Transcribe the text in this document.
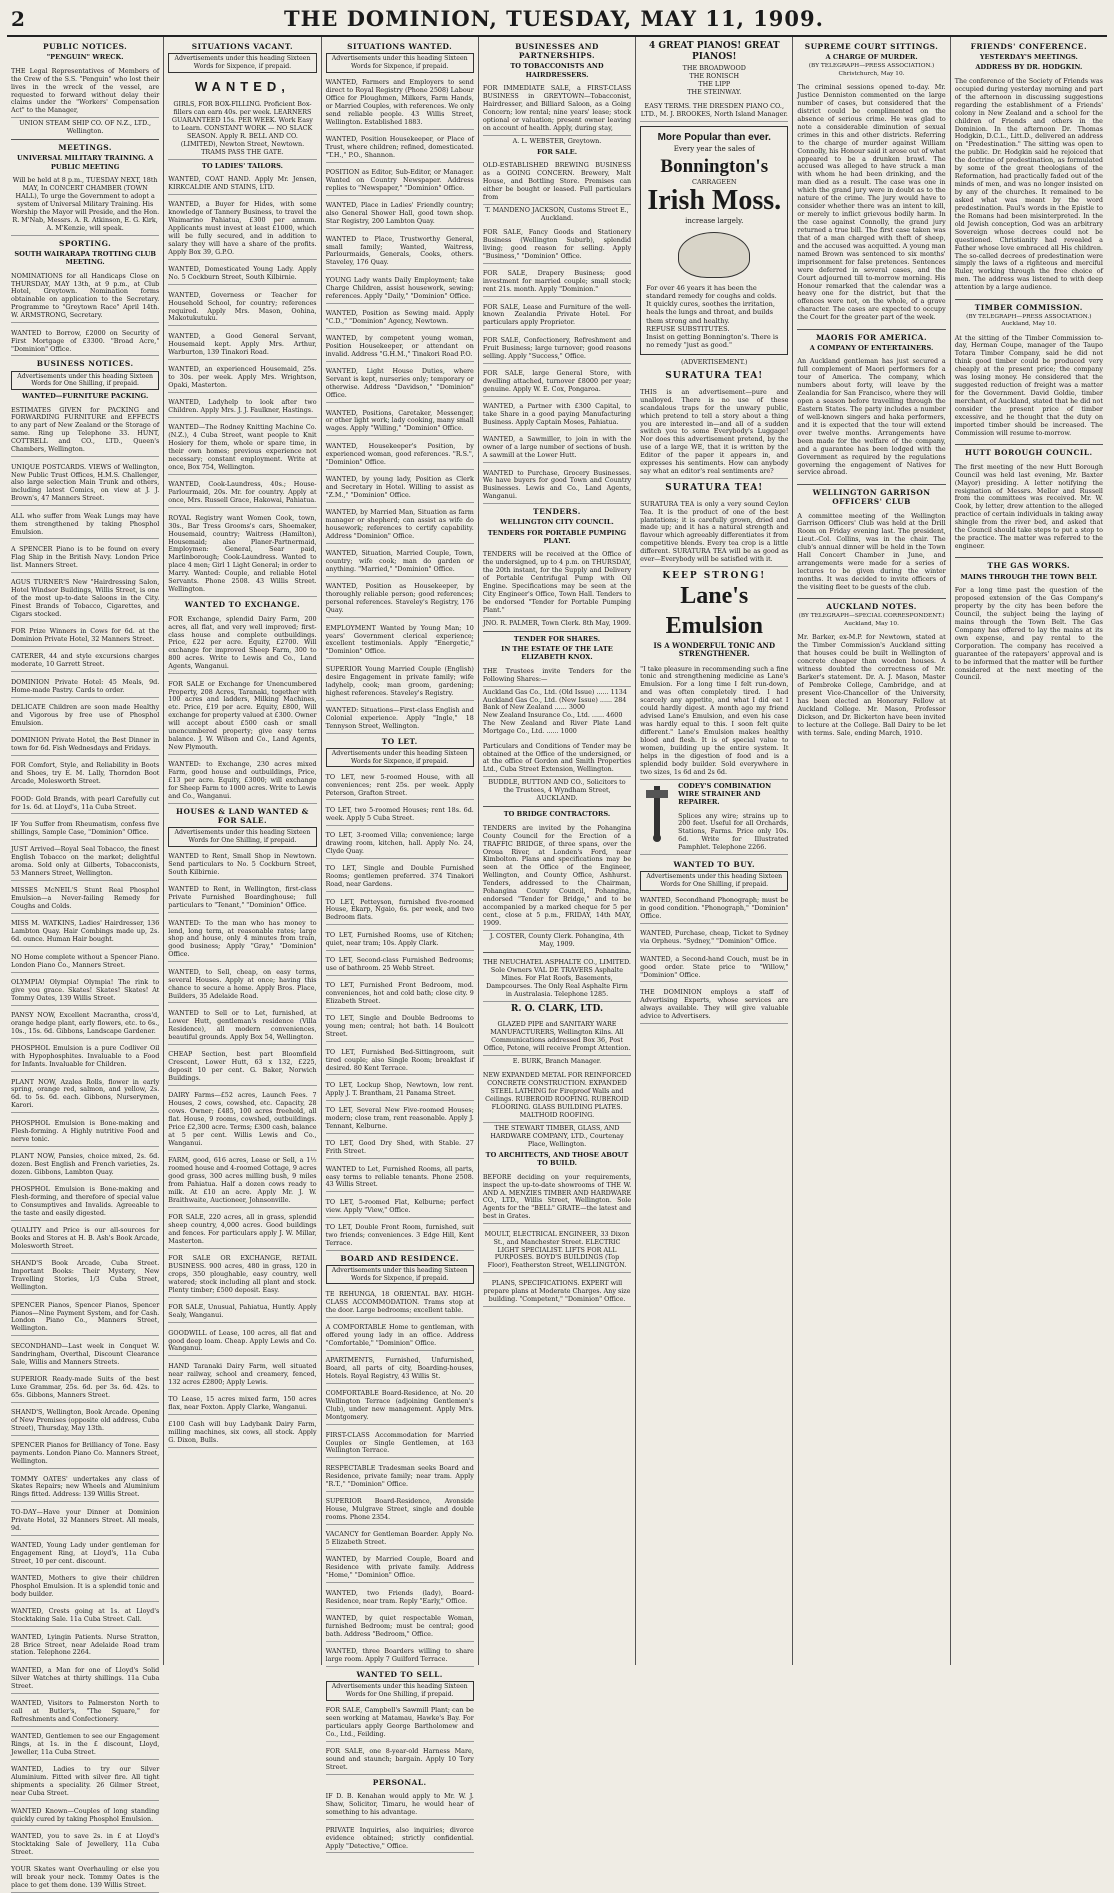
2	THE DOMINION, TUESDAY, MAY 11, 1909.
PUBLIC NOTICES.
"PENGUIN" WRECK.

THE Legal Representatives of Members of the Crew of the S.S. "Penguin" who lost their lives in the wreck of the vessel, are requested to forward without delay their claims under the "Workers' Compensation Act" to the Manager,

UNION STEAM SHIP CO. OF N.Z., LTD., Wellington.
MEETINGS.
UNIVERSAL MILITARY TRAINING. A PUBLIC MEETING

Will be held at 8 p.m., TUESDAY NEXT, 18th MAY, In CONCERT CHAMBER (TOWN HALL), To urge the Government to adopt a system of Universal Military Training. His Worship the Mayor will Preside, and the Hon. R. M'Nab, Messrs. A. R. Atkinson, E. G. Kirk, A. M'Kenzie, will speak.

SPORTING.
SOUTH WAIRARAPA TROTTING CLUB MEETING.

NOMINATIONS for all Handicaps Close on THURSDAY, MAY 13th, at 9 p.m., at Club Hotel, Greytown. Nomination forms obtainable on application to the Secretary. Programme to "Greytown Race" April 14th. W. ARMSTRONG, Secretary.

WANTED to Borrow, £2000 on Security of First Mortgage of £3300. "Broad Acre," "Dominion" Office.

BUSINESS NOTICES.
Advertisements under this heading Sixteen Words for One Shilling, if prepaid.
WANTED—FURNITURE PACKING.

ESTIMATES GIVEN for PACKING and FORWARDING FURNITURE and EFFECTS to any part of New Zealand or the Storage of same. Ring up Telephone 33. HUNT, COTTRELL and CO., LTD., Queen's Chambers, Wellington.

UNIQUE POSTCARDS. VIEWS of Wellington, New Public Trust Offices, H.M.S. Challenger, also large selection Main Trunk and others, including latest Comics, on view at J. J. Brown's, 47 Manners Street.

ALL who suffer from Weak Lungs may have them strengthened by taking Phosphol Emulsion.

A SPENCER Piano is to be found on every Flag Ship in the British Navy. London Price list. Manners Street.

AGUS TURNER'S New "Hairdressing Salon, Hotel Windsor Buildings, Willis Street, is one of the most up-to-date Saloons in the City. Finest Brands of Tobacco, Cigarettes, and Cigars stocked.

FOR Prize Winners in Cows for 6d. at the Dominion Private Hotel, 32 Manners Street.

CATERER, 44 and style excursions charges moderate, 10 Garrett Street.

DOMINION Private Hotel: 45 Meals, 9d. Home-made Pastry. Cards to order.

DELICATE Children are soon made Healthy and Vigorous by free use of Phosphol Emulsion.

DOMINION Private Hotel, the Best Dinner in town for 6d. Fish Wednesdays and Fridays.

FOR Comfort, Style, and Reliability in Boots and Shoes, try E. M. Lally, Thorndon Boot Arcade, Molesworth Street.

FOOD: Gold Brands, with pearl Carefully cut for 1s. 6d. at Lloyd's, 11a Cuba Street.

IF You Suffer from Rheumatism, confess five shillings, Sample Case, "Dominion" Office.

JUST Arrived—Royal Seal Tobacco, the finest English Tobacco on the market; delightful aroma. Sold only at Gilberts, Tobacconists, 53 Manners Street, Wellington.

MISSES McNEIL'S Stunt Real Phosphol Emulsion—a Never-failing Remedy for Coughs and Colds.

MISS M. WATKINS, Ladies' Hairdresser, 136 Lambton Quay. Hair Combings made up, 2s. 6d. ounce. Human Hair bought.

NO Home complete without a Spencer Piano. London Piano Co., Manners Street.

OLYMPIA! Olympia! Olympia! The rink to give you grace. Skates! Skates! Skates! At Tommy Oates, 139 Willis Street.

PANSY NOW, Excellent Macrantha, cross'd, orange hedge plant, early flowers, etc. to 6s., 10s., 15s. 6d. Gibbons, Landscape Gardener.

PHOSPHOL Emulsion is a pure Codliver Oil with Hypophosphites. Invaluable to a Food for Infants. Invaluable for Children.

PLANT NOW, Azalea Rolls, flower in early spring, orange red, salmon, and yellow, 2s. 6d. to 5s. 6d. each. Gibbons, Nurserymen, Karori.

PHOSPHOL Emulsion is Bone-making and Flesh-forming. A Highly nutritive Food and nerve tonic.

PLANT NOW, Pansies, choice mixed, 2s. 6d. dozen. Best English and French varieties, 2s. dozen. Gibbons, Lambton Quay.

PHOSPHOL Emulsion is Bone-making and Flesh-forming, and therefore of special value to Consumptives and Invalids. Agreeable to the taste and easily digested.

QUALITY and Price is our all-sources for Books and Stores at H. B. Ash's Book Arcade, Molesworth Street.

SHAND'S Book Arcade, Cuba Street. Important Books: Their Mystery, New Travelling Stories, 1/3 Cuba Street, Wellington.

SPENCER Pianos, Spencer Pianos, Spencer Pianos—Nine Payment System, and for Cash. London Piano Co., Manners Street, Wellington.

SECONDHAND—Last week in Conquet W. Sandringham, Overthal, Discount Clearance Sale, Willis and Manners Streets.

SUPERIOR Ready-made Suits of the best Luxe Grammar, 25s. 6d. per 3s. 6d. 42s. to 65s. Gibbons, Manners Street.

SHAND'S, Wellington, Book Arcade. Opening of New Premises (opposite old address, Cuba Street), Thursday, May 13th.

SPENCER Pianos for Brilliancy of Tone. Easy payments. London Piano Co. Manners Street, Wellington.

TOMMY OATES' undertakes any class of Skates Repairs; new Wheels and Aluminium Rings fitted. Address: 139 Willis Street.

TO-DAY—Have your Dinner at Dominion Private Hotel, 32 Manners Street. All meals, 9d.

WANTED, Young Lady under gentleman for Engagement Ring, at Lloyd's, 11a Cuba Street, 10 per cent. discount.

WANTED, Mothers to give their children Phosphol Emulsion. It is a splendid tonic and body builder.

WANTED, Crests going at 1s. at Lloyd's Stocktaking Sale. 11a Cuba Street. Call.

WANTED, Lyingin Patients. Nurse Stratton, 28 Brice Street, near Adelaide Road tram station. Telephone 2264.

WANTED, a Man for one of Lloyd's Solid Silver Watches at thirty shillings. 11a Cuba Street.

WANTED, Visitors to Palmerston North to call at Butler's, "The Square," for Refreshments and Confectionery.

WANTED, Gentlemen to see our Engagement Rings, at 1s. in the £ discount, Lloyd, Jeweller, 11a Cuba Street.

WANTED, Ladies to try our Silver Aluminium. Fitted with silver fire. All tight shipments a speciality. 26 Gilmer Street, near Cuba Street.

WANTED Known—Couples of long standing quickly cured by taking Phosphol Emulsion.

WANTED, you to save 2s. in £ at Lloyd's Stocktaking Sale of Jewellery, 11a Cuba Street.

YOUR Skates want Overhauling or else you will break your neck. Tommy Oates is the place to get them done. 139 Willis Street.

SITUATIONS VACANT.
Advertisements under this heading Sixteen Words for Sixpence, if prepaid.
WANTED,

GIRLS, FOR BOX-FILLING. Proficient Box-fillers can earn 40s. per week. LEARNERS GUARANTEED 15s. PER WEEK. Work Easy to Learn. CONSTANT WORK — NO SLACK SEASON. Apply R. BELL AND CO. (LIMITED), Newton Street, Newtown. TRAMS PASS THE GATE.

TO LADIES' TAILORS.

WANTED, COAT HAND. Apply Mr. Jensen, KIRKCALDIE AND STAINS, LTD.

WANTED, a Buyer for Hides, with some knowledge of Tannery Business, to travel the Waimarino Pahiatua, £300 per annum. Applicants must invest at least £1000, which will be fully secured, and in addition to salary they will have a share of the profits. Apply Box 39, G.P.O.

WANTED, Domesticated Young Lady. Apply No. 5 Cockburn Street, South Kilbirnie.

WANTED, Governess or Teacher for Household School, for country; references required. Apply Mrs. Mason, Oohina, Makotukutuku.

WANTED, a Good General Servant, Housemaid kept. Apply Mrs. Arthur, Warburton, 139 Tinakori Road.

WANTED, an experienced Housemaid, 25s. to 30s. per week. Apply Mrs. Wrightson, Opaki, Masterton.

WANTED, Ladyhelp to look after two Children. Apply Mrs. J. J. Faulkner, Hastings.

WANTED—The Rodney Knitting Machine Co. (N.Z.), 4 Cuba Street, want people to Knit Hosiery for them, whole or spare time, in their own homes; previous experience not necessary; constant employment. Write at once, Box 754, Wellington.

WANTED, Cook-Laundress, 40s.; House-Parlourmaid, 20s. Mr. for country. Apply at once, Mrs. Russell Grace, Hakowai, Pahiatua.

ROYAL Registry want Women Cook, town, 30s., Bar Tress Grooms's cars, Shoemaker, Housemaid, country; Waitress (Hamilton), Housemaid; also Planer-Partnermaid, Employmen: General, Sear paid, Marlinborough; Cook-Laundress. Wanted to place 4 men; Girl 1 Light General; in order to Marry. Wanted: Couple, and reliable Hotel Servants. Phone 2508. 43 Willis Street. Wellington.

WANTED TO EXCHANGE.

FOR Exchange, splendid Dairy Farm, 200 acres, all flat, and very well improved; first-class house and complete outbuildings. Price, £22 per acre. Equity, £2700. Will exchange for improved Sheep Farm, 300 to 800 acres. Write to Lewis and Co., Land Agents, Wanganui.

FOR SALE or Exchange for Unencumbered Property, 208 Acres, Taranaki, together with 100 acres and ladders, Milking Machines, etc. Price, £19 per acre. Equity, £800, Will exchange for property valued at £300. Owner will accept about £500 cash or small unencumbered property; give easy terms balance. J. W. Wilson and Co., Land Agents, New Plymouth.

WANTED: to Exchange, 230 acres mixed Farm, good house and outbuildings, Price, £13 per acre. Equity, £3000; will exchange for Sheep Farm to 1000 acres. Write to Lewis and Co., Wanganui.

HOUSES & LAND WANTED & FOR SALE.
Advertisements under this heading Sixteen Words for One Shilling, if prepaid.

WANTED to Rent, Small Shop in Newtown. Send particulars to No. 5 Cockburn Street, South Kilbirnie.

WANTED to Rent, in Wellington, first-class Private Furnished Boardinghouse; full particulars to "Tenant," "Dominion" Office.

WANTED: To the man who has money to lend, long term, at reasonable rates; large shop and house, only 4 minutes from train, good business; Apply "Gray," "Dominion" Office.

WANTED, to Sell, cheap, on easy terms, several Houses. Apply at once; having this chance to secure a home. Apply Bros. Place, Builders, 35 Adelaide Road.

WANTED to Sell or to Let, furnished, at Lower Hutt, gentleman's residence (Villa Residence), all modern conveniences, beautiful grounds. Apply Box 54, Wellington.

CHEAP Section, best part Bloomfield Crescent, Lower Hutt, 63 x 132, £225, deposit 10 per cent. G. Baker, Norwich Buildings.

DAIRY Farms—£52 acres, Launch Fees. 7 Houses, 2 cows, cowshed, etc. Capacity, 28 cows. Owner; £485, 100 acres freehold, all flat. House, 9 rooms, cowshed, outbuildings. Price £2,300 acre. Terms; £300 cash, balance at 5 per cent. Willis Lewis and Co., Wanganui.

FARM, good, 616 acres, Lease or Sell, a 1½ roomed house and 4-roomed Cottage, 9 acres good grass, 300 acres milling bush, 9 miles from Pahiatua. Half a dozen cows ready to milk. At £10 an acre. Apply Mr. J. W. Braithwaite, Auctioneer, Johnsonville.

FOR SALE, 220 acres, all in grass, splendid sheep country, 4,000 acres. Good buildings and fences. For particulars apply J. W. Millar, Masterton.

FOR SALE OR EXCHANGE, RETAIL BUSINESS. 900 acres, 480 in grass, 120 in crops, 350 ploughable, easy country, well watered; stock including all plant and stock. Plenty timber; £500 deposit. Easy.

FOR SALE, Unusual, Pahiatua, Huntly. Apply Sealy, Wanganui.

GOODWILL of Lease, 100 acres, all flat and good deep loam. Cheap. Apply Lewis and Co. Wanganui.

HAND Taranaki Dairy Farm, well situated near railway, school and creamery, fenced, 132 acres £2800; Apply Lewis.

TO Lease, 15 acres mixed farm, 150 acres flax, near Foxton. Apply Clarke, Wanganui.

£100 Cash will buy Ladybank Dairy Farm, milling machines, six cows, all stock. Apply G. Dixon, Bulls.

SITUATIONS WANTED.
Advertisements under this heading Sixteen Words for Sixpence, if prepaid.

WANTED, Farmers and Employers to send direct to Royal Registry (Phone 2508) Labour Office for Ploughmen, Milkers, Farm Hands, or Married Couples, with references. We only send reliable people. 43 Willis Street, Wellington. Established 1883.

WANTED, Position Housekeeper, or Place of Trust, where children; refined, domesticated. "T.H.," P.O., Shannon.

POSITION as Editor, Sub-Editor, or Manager. Wanted on Country Newspaper. Address replies to "Newspaper," "Dominion" Office.

WANTED, Place in Ladies' Friendly country; also General Shower Hall, good town shop. Star Registry, 200 Lambton Quay.

WANTED to Place, Trustworthy General, small family; Wanted, Waitress, Parlourmaids, Generals, Cooks, others. Staveley, 176 Quay.

YOUNG Lady wants Daily Employment; take Charge Children, assist housework, sewing; references. Apply "Daily," "Dominion" Office.

WANTED, Position as Sewing maid. Apply "C.D.," "Dominion" Agency, Newtown.

WANTED, by competent young woman, Position Housekeeper, or attendant on invalid. Address "G.H.M.," Tinakori Road P.O.

WANTED, Light House Duties, where Servant is kept, nurseries only; temporary or otherwise. Address "Davidson," "Dominion" Office.

WANTED, Positions, Caretaker, Messenger, or other light work; lady cooking, many small wages. Apply "Willing," "Dominion" Office.

WANTED, Housekeeper's Position, by experienced woman, good references. "R.S.", "Dominion" Office.

WANTED, by young lady, Position as Clerk and Secretary in Hotel. Willing to assist as "Z.M.," "Dominion" Office.

WANTED, by Married Man, Situation as farm manager or shepherd; can assist as wife do housework; references to certify capability. Address "Dominion" Office.

WANTED, Situation, Married Couple, Town, country; wife cook; man do garden or anything. "Married," "Dominion" Office.

WANTED, Position as Housekeeper, by thoroughly reliable person; good references; personal references. Staveley's Registry, 176 Quay.

EMPLOYMENT Wanted by Young Man; 10 years' Government clerical experience; excellent testimonials. Apply "Energetic," "Dominion" Office.

SUPERIOR Young Married Couple (English) desire Engagement in private family; wife ladyhelp, cook; man groom, gardening; highest references. Staveley's Registry.

WANTED: Situations—First-class English and Colonial experience. Apply "Ingle," 18 Tennyson Street, Wellington.

TO LET.
Advertisements under this heading Sixteen Words for Sixpence, if prepaid.

TO LET, new 5-roomed House, with all conveniences; rent 25s. per week. Apply Peterson, Grafton Street.

TO LET, two 5-roomed Houses; rent 18s. 6d. week. Apply 5 Cuba Street.

TO LET, 3-roomed Villa; convenience; large drawing room, kitchen, hall. Apply No. 24, Clyde Quay.

TO LET, Single and Double Furnished Rooms; gentlemen preferred. 374 Tinakori Road, near Gardens.

TO LET, Petteyson, furnished five-roomed House, Ekarp, Ngaio, 6s. per week, and two Bedroom flats.

TO LET, Furnished Rooms, use of Kitchen; quiet, near tram; 10s. Apply Clark.

TO LET, Second-class Furnished Bedrooms; use of bathroom. 25 Webb Street.

TO LET, Furnished Front Bedroom, mod. conveniences, hot and cold bath; close city. 9 Elizabeth Street.

TO LET, Single and Double Bedrooms to young men; central; hot bath. 14 Boulcott Street.

TO LET, Furnished Bed-Sittingroom, suit tired couple; also Single Room; breakfast if desired. 80 Kent Terrace.

TO LET, Lockup Shop, Newtown, low rent. Apply J. T. Brantham, 21 Panama Street.

TO LET, Several New Five-roomed Houses; modern; close tram, rent reasonable. Apply J. Tennant, Kelburne.

TO LET, Good Dry Shed, with Stable. 27 Frith Street.

WANTED to Let, Furnished Rooms, all parts, easy terms to reliable tenants. Phone 2508. 43 Willis Street.

TO LET, 5-roomed Flat, Kelburne; perfect view. Apply "View," Office.

TO LET, Double Front Room, furnished, suit two friends; conveniences. 3 Edge Hill, Kent Terrace.

BOARD AND RESIDENCE.
Advertisements under this heading Sixteen Words for Sixpence, if prepaid.

TE REHUNGA, 18 ORIENTAL BAY. HIGH-CLASS ACCOMMODATION. Trams stop at the door. Large bedrooms; excellent table.

A COMFORTABLE Home to gentleman, with offered young lady in an office. Address "Comfortable," "Dominion" Office.

APARTMENTS, Furnished, Unfurnished, Board, all parts of city, Boarding-houses, Hotels. Royal Registry, 43 Willis St.

COMFORTABLE Board-Residence, at No. 20 Wellington Terrace (adjoining Gentlemen's Club), under new management. Apply Mrs. Montgomery.

FIRST-CLASS Accommodation for Married Couples or Single Gentlemen, at 163 Wellington Terrace.

RESPECTABLE Tradesman seeks Board and Residence, private family; near tram. Apply "R.T.," "Dominion" Office.

SUPERIOR Board-Residence, Avonside House, Mulgrave Street, single and double rooms. Phone 2354.

VACANCY for Gentleman Boarder. Apply No. 5 Elizabeth Street.

WANTED, by Married Couple, Board and Residence with private family. Address "Home," "Dominion" Office.

WANTED, two Friends (lady), Board-Residence, near tram. Reply "Early," Office.

WANTED, by quiet respectable Woman, furnished Bedroom; must be central; good bath. Address "Bedroom," Office.

WANTED, three Boarders willing to share large room. Apply 7 Guilford Terrace.

WANTED TO SELL.
Advertisements under this heading Sixteen Words for One Shilling, if prepaid.

FOR SALE, Campbell's Sawmill Plant; can be seen working at Matamau, Hawke's Bay. For particulars apply George Bartholomew and Co., Ltd., Feilding.

FOR SALE, one 8-year-old Harness Mare, sound and staunch; bargain. Apply 10 Tory Street.

PERSONAL.

IF D. B. Kenahan would apply to Mr. W. J. Shaw, Solicitor, Timaru, he would hear of something to his advantage.

PRIVATE Inquiries, also inquiries; divorce evidence obtained; strictly confidential. Apply "Detective," Office.

BUSINESSES AND PARTNERSHIPS.
TO TOBACCONISTS AND HAIRDRESSERS.

FOR IMMEDIATE SALE, a FIRST-CLASS BUSINESS in GREYTOWN—Tobacconist, Hairdresser, and Billiard Saloon, as a Going Concern; low rental; nine years' lease; stock optional or valuation; present owner leaving on account of health. Apply, during stay,

A. L. WEBSTER, Greytown.
FOR SALE.

OLD-ESTABLISHED BREWING BUSINESS as a GOING CONCERN. Brewery, Malt House, and Bottling Store. Premises can either be bought or leased. Full particulars from

T. MANDENO JACKSON, Customs Street E., Auckland.

FOR SALE, Fancy Goods and Stationery Business (Wellington Suburb), splendid living; good reason for selling. Apply "Business," "Dominion" Office.

FOR SALE, Drapery Business; good investment for married couple; small stock; rent 21s. month. Apply "Dominion."

FOR SALE, Lease and Furniture of the well-known Zealandia Private Hotel. For particulars apply Proprietor.

FOR SALE, Confectionery, Refreshment and Fruit Business; large turnover; good reasons selling. Apply "Success," Office.

FOR SALE, large General Store, with dwelling attached, turnover £8000 per year; genuine. Apply W. E. Cox, Pongaroa.

WANTED, a Partner with £300 Capital, to take Share in a good paying Manufacturing Business. Apply Captain Moses, Pahiatua.

WANTED, a Sawmiller, to join in with the owner of a large number of sections of bush. A sawmill at the Lower Hutt.

WANTED to Purchase, Grocery Businesses. We have buyers for good Town and Country Businesses. Lewis and Co., Land Agents, Wanganui.

TENDERS.
WELLINGTON CITY COUNCIL.
TENDERS FOR PORTABLE PUMPING PLANT.

TENDERS will be received at the Office of the undersigned, up to 4 p.m. on THURSDAY, the 20th instant, for the Supply and Delivery of Portable Centrifugal Pump with Oil Engine. Specifications may be seen at the City Engineer's Office, Town Hall. Tenders to be endorsed "Tender for Portable Pumping Plant."

JNO. R. PALMER, Town Clerk. 8th May, 1909.
TENDER FOR SHARES.
IN THE ESTATE OF THE LATE ELIZABETH KNOX.

THE Trustees invite Tenders for the Following Shares:—

Auckland Gas Co., Ltd. (Old Issue) ...... 1134
Auckland Gas Co., Ltd. (New Issue) ...... 284
Bank of New Zealand ...... 3000
New Zealand Insurance Co., Ltd. ...... 4600
The New Zealand and River Plate Land Mortgage Co., Ltd. ...... 1000

Particulars and Conditions of Tender may be obtained at the Office of the undersigned, or at the office of Gordon and Smith Properties Ltd., Cuba Street Extension, Wellington.

BUDDLE, BUTTON AND CO., Solicitors to the Trustees, 4 Wyndham Street, AUCKLAND.
TO BRIDGE CONTRACTORS.

TENDERS are invited by the Pohangina County Council for the Erection of a TRAFFIC BRIDGE, of three spans, over the Oroua River, at Londen's Ford, near Kimbolton. Plans and specifications may be seen at the Office of the Engineer, Wellington, and County Office, Ashhurst. Tenders, addressed to the Chairman, Pohangina County Council, Pohangina, endorsed "Tender for Bridge," and to be accompanied by a marked cheque for 5 per cent., close at 5 p.m., FRIDAY, 14th MAY, 1909.

J. COSTER, County Clerk. Pohangina, 4th May, 1909.

THE NEUCHATEL ASPHALTE CO., LIMITED. Sole Owners VAL DE TRAVERS Asphalte Mines. For Flat Roofs, Basements, Dampcourses. The Only Real Asphalte Firm in Australasia. Telephone 1285.

R. O. CLARK, LTD.

GLAZED PIPE and SANITARY WARE MANUFACTURERS, Wellington Kilns. All Communications addressed Box 36, Post Office, Petone, will receive Prompt Attention.

E. BURK, Branch Manager.

NEW EXPANDED METAL FOR REINFORCED CONCRETE CONSTRUCTION. EXPANDED STEEL LATHING for Fireproof Walls and Ceilings. RUBEROID ROOFING. RUBEROID FLOORING. GLASS BUILDING PLATES. MALTHOID ROOFING.

THE STEWART TIMBER, GLASS, AND HARDWARE COMPANY, LTD., Courtenay Place, Wellington.
TO ARCHITECTS, AND THOSE ABOUT TO BUILD.

BEFORE deciding on your requirements, inspect the up-to-date showrooms of THE W. AND A. MENZIES TIMBER AND HARDWARE CO., LTD., Willis Street, Wellington. Sole Agents for the "BELL" GRATE—the latest and best in Grates.

MOULT, ELECTRICAL ENGINEER, 33 Dixon St., and Manchester Street. ELECTRIC LIGHT SPECIALIST. LIFTS FOR ALL PURPOSES. BOYD'S BUILDINGS (Top Floor), Featherston Street, WELLINGTON.

PLANS, SPECIFICATIONS. EXPERT will prepare plans at Moderate Charges. Any size building. "Competent," "Dominion" Office.

4 GREAT PIANOS! GREAT PIANOS!
THE BROADWOOD
THE RONISCH
THE LIPP
THE STEINWAY.

EASY TERMS. THE DRESDEN PIANO CO., LTD., M. J. BROOKES, North Island Manager.

More Popular than ever.
Every year the sales of
Bonnington's
CARRAGEEN
Irish Moss.
increase largely.
For over 46 years it has been the standard remedy for coughs and colds. It quickly cures, soothes the irritation, heals the lungs and throat, and builds them strong and healthy.
REFUSE SUBSTITUTES.
Insist on getting Bonnington's. There is no remedy "just as good."
(ADVERTISEMENT.)
SURATURA TEA!

THIS is an advertisement—pure and unalloyed. There is no use of these scandalous traps for the unwary public, which pretend to tell a story about a thing you are interested in—and all of a sudden switch you to some Everybody's Luggage! Nor does this advertisement pretend, by the use of a large WE, that it is written by the Editor of the paper it appears in, and expresses his sentiments. How can anybody say what an editor's real sentiments are?

SURATURA TEA!

SURATURA TEA is only a very sound Ceylon Tea. It is the product of one of the best plantations; it is carefully grown, dried and made up; and it has a natural strength and flavour which agreeably differentiates it from competitive blends. Every tea crop is a little different. SURATURA TEA will be as good as ever—Everybody will be satisfied with it.

KEEP STRONG!
Lane's Emulsion
IS A WONDERFUL TONIC AND STRENGTHENER.

"I take pleasure in recommending such a fine tonic and strengthening medicine as Lane's Emulsion. For a long time I felt run-down, and was often completely tired. I had scarcely any appetite, and what I did eat I could hardly digest. A month ago my friend advised Lane's Emulsion, and even his case was hardly equal to this. I soon felt quite different." Lane's Emulsion makes healthy blood and flesh. It is of special value to women, building up the entire system. It helps in the digestion of food and is a splendid body builder. Sold everywhere in two sizes, 1s 6d and 2s 6d.

CODEY'S COMBINATION WIRE STRAINER AND REPAIRER.

Splices any wire; strains up to 200 feet. Useful for all Orchards, Stations, Farms. Price only 10s. 6d. Write for Illustrated Pamphlet. Telephone 2266.

WANTED TO BUY.
Advertisements under this heading Sixteen Words for One Shilling, if prepaid.

WANTED, Secondhand Phonograph; must be in good condition. "Phonograph," "Dominion" Office.

WANTED, Purchase, cheap, Ticket to Sydney via Orpheus. "Sydney," "Dominion" Office.

WANTED, a Second-hand Couch, must be in good order. State price to "Willow," "Dominion" Office.

THE DOMINION employs a staff of Advertising Experts, whose services are always available. They will give valuable advice to Advertisers.

SUPREME COURT SITTINGS.
A CHARGE OF MURDER.
(BY TELEGRAPH—PRESS ASSOCIATION.) Christchurch, May 10.

The criminal sessions opened to-day. Mr. Justice Denniston commented on the large number of cases, but considered that the district could be complimented on the absence of serious crime. He was glad to note a considerable diminution of sexual crimes in this and other districts. Referring to the charge of murder against William Connolly, his Honour said it arose out of what appeared to be a drunken brawl. The accused was alleged to have struck a man with whom he had been drinking, and the man died as a result. The case was one in which the grand jury were in doubt as to the nature of the crime. The jury would have to consider whether there was an intent to kill, or merely to inflict grievous bodily harm. In the case against Connolly, the grand jury returned a true bill. The first case taken was that of a man charged with theft of sheep, and the accused was acquitted. A young man named Brown was sentenced to six months' imprisonment for false pretences. Sentences were deferred in several cases, and the Court adjourned till to-morrow morning. His Honour remarked that the calendar was a heavy one for the district, but that the offences were not, on the whole, of a grave character. The cases are expected to occupy the Court for the greater part of the week.

MAORIS FOR AMERICA.
A COMPANY OF ENTERTAINERS.

An Auckland gentleman has just secured a full complement of Maori performers for a tour of America. The company, which numbers about forty, will leave by the Zealandia for San Francisco, where they will open a season before travelling through the Eastern States. The party includes a number of well-known singers and haka performers, and it is expected that the tour will extend over twelve months. Arrangements have been made for the welfare of the company, and a guarantee has been lodged with the Government as required by the regulations governing the engagement of Natives for service abroad.

WELLINGTON GARRISON OFFICERS' CLUB

A committee meeting of the Wellington Garrison Officers' Club was held at the Drill Room on Friday evening last. The president, Lieut.-Col. Collins, was in the chair. The club's annual dinner will be held in the Town Hall Concert Chamber in June, and arrangements were made for a series of lectures to be given during the winter months. It was decided to invite officers of the visiting fleet to be guests of the club.

AUCKLAND NOTES.
(BY TELEGRAPH—SPECIAL CORRESPONDENT.) Auckland, May 10.

Mr. Barker, ex-M.P. for Newtown, stated at the Timber Commission's Auckland sitting that houses could be built in Wellington of concrete cheaper than wooden houses. A witness doubted the correctness of Mr. Barker's statement. Dr. A. J. Mason, Master of Pembroke College, Cambridge, and at present Vice-Chancellor of the University, has been elected an Honorary Fellow at Auckland College. Mr. Mason, Professor Dickson, and Dr. Bickerton have been invited to lecture at the College. Ball Dairy to be let with terms. Sale, ending March, 1910.

FRIENDS' CONFERENCE.
YESTERDAY'S MEETINGS.
ADDRESS BY DR. HODGKIN.

The conference of the Society of Friends was occupied during yesterday morning and part of the afternoon in discussing suggestions regarding the establishment of a Friends' colony in New Zealand and a school for the children of Friends and others in the Dominion. In the afternoon Dr. Thomas Hodgkin, D.C.L., Litt.D., delivered an address on "Predestination." The sitting was open to the public. Dr. Hodgkin said he rejoiced that the doctrine of predestination, as formulated by some of the great theologians of the Reformation, had practically faded out of the minds of men, and was no longer insisted on by any of the churches. It remained to be asked what was meant by the word predestination. Paul's words in the Epistle to the Romans had been misinterpreted. In the old Jewish conception, God was an arbitrary Sovereign whose decrees could not be questioned. Christianity had revealed a Father whose love embraced all His children. The so-called decrees of predestination were simply the laws of a righteous and merciful Ruler, working through the free choice of men. The address was listened to with deep attention by a large audience.

TIMBER COMMISSION.
(BY TELEGRAPH—PRESS ASSOCIATION.) Auckland, May 10.

At the sitting of the Timber Commission to-day, Herman Coupe, manager of the Taupo Totara Timber Company, said he did not think good timber could be produced very cheaply at the present price; the company was losing money. He considered that the suggested reduction of freight was a matter for the Government. David Goldie, timber merchant, of Auckland, stated that he did not consider the present price of timber excessive, and he thought that the duty on imported timber should be increased. The Commission will resume to-morrow.

HUTT BOROUGH COUNCIL.

The first meeting of the new Hutt Borough Council was held last evening, Mr. Baxter (Mayor) presiding. A letter notifying the resignation of Messrs. Mellor and Russell from the committees was received. Mr. W. Cook, by letter, drew attention to the alleged practice of certain individuals in taking away shingle from the river bed, and asked that the Council should take steps to put a stop to the practice. The matter was referred to the engineer.

THE GAS WORKS.
MAINS THROUGH THE TOWN BELT.

For a long time past the question of the proposed extension of the Gas Company's property by the city has been before the Council, the subject being the laying of mains through the Town Belt. The Gas Company has offered to lay the mains at its own expense, and pay rental to the Corporation. The company has received a guarantee of the ratepayers' approval and is to be informed that the matter will be further considered at the next meeting of the Council.
